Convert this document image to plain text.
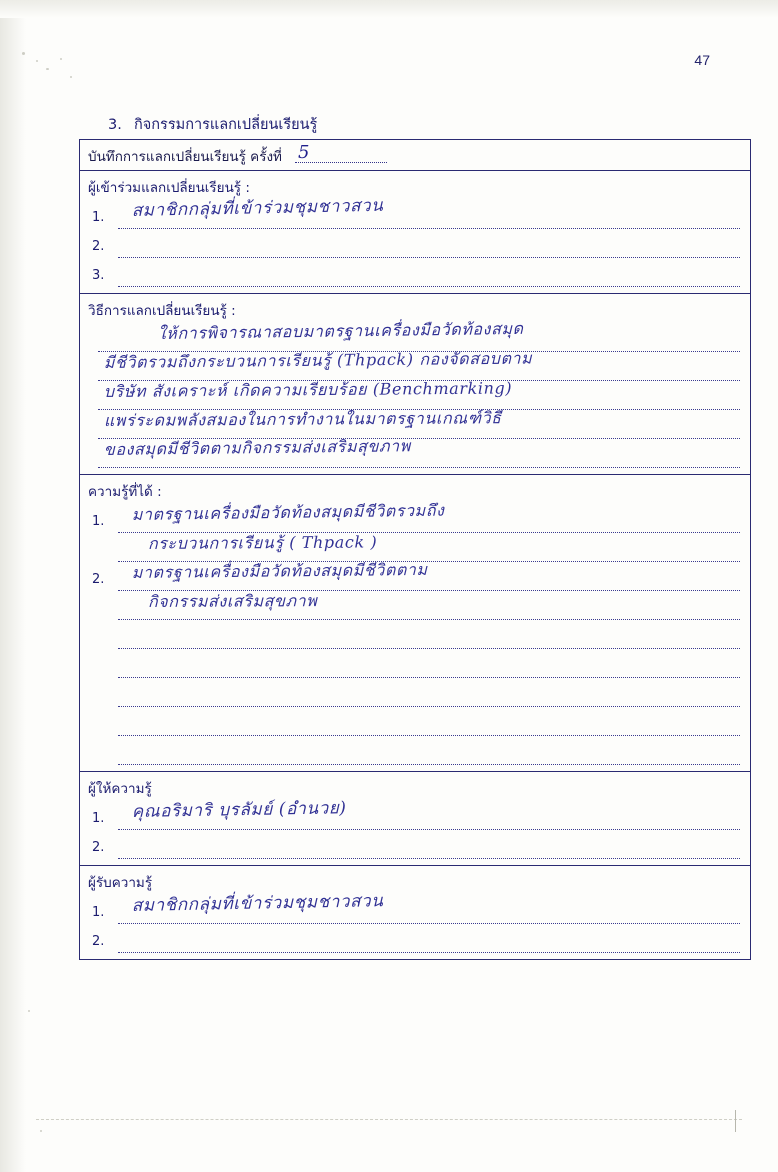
47
3. กิจกรรมการแลกเปลี่ยนเรียนรู้
บันทึกการแลกเปลี่ยนเรียนรู้ ครั้งที่ 5
ผู้เข้าร่วมแลกเปลี่ยนเรียนรู้ :
1. สมาชิกกลุ่มที่เข้าร่วมชุมชาวสวน
2.
3.
วิธีการแลกเปลี่ยนเรียนรู้ :
ให้การพิจารณาสอบมาตรฐานเครื่องมือวัดท้องสมุด
มีชีวิตรวมถึงกระบวนการเรียนรู้ (Thpack) กองจัดสอบตาม
บริษัท สังเคราะห์ เกิดความเรียบร้อย (Benchmarking)
แพร่ระดมพลังสมองในการทำงานในมาตรฐานเกณฑ์วิธี
ของสมุดมีชีวิตตามกิจกรรมส่งเสริมสุขภาพ
ความรู้ที่ได้ :
1. มาตรฐานเครื่องมือวัดท้องสมุดมีชีวิตรวมถึง
กระบวนการเรียนรู้ ( Thpack )
2. มาตรฐานเครื่องมือวัดท้องสมุดมีชีวิตตาม
กิจกรรมส่งเสริมสุขภาพ
ผู้ให้ความรู้
1. คุณอริมาริ บุรลัมย์ (อำนวย)
2.
ผู้รับความรู้
1. สมาชิกกลุ่มที่เข้าร่วมชุมชาวสวน
2.
